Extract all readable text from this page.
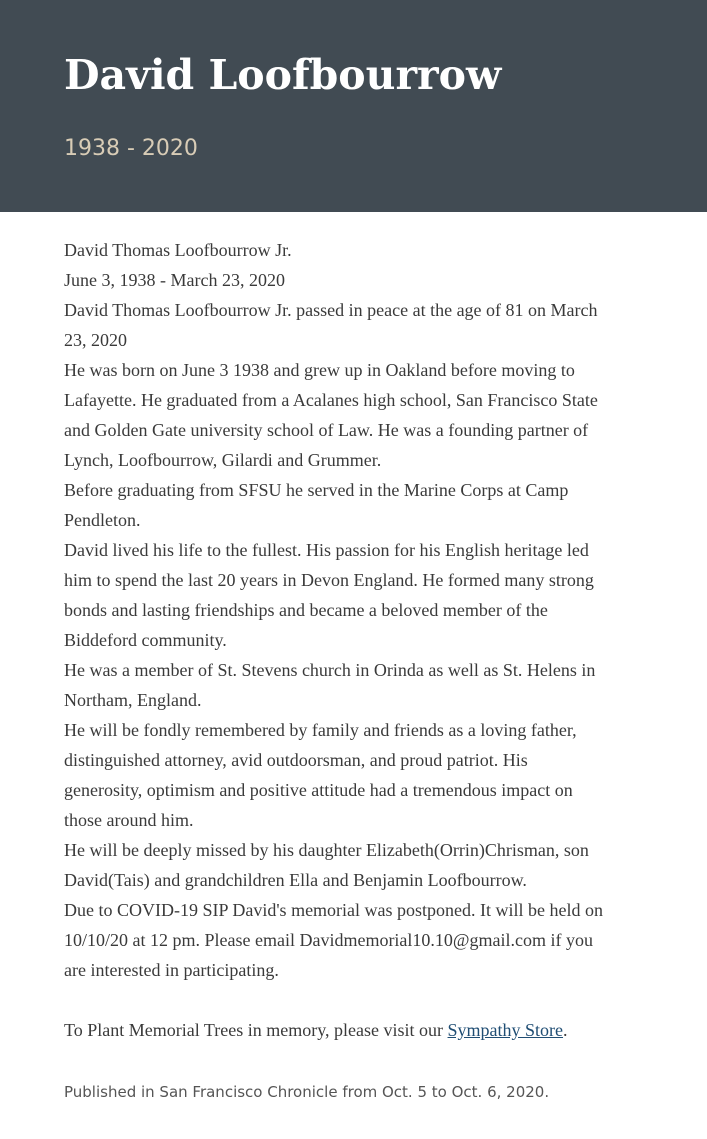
David Loofbourrow
1938 - 2020
David Thomas Loofbourrow Jr.
June 3, 1938 - March 23, 2020
David Thomas Loofbourrow Jr. passed in peace at the age of 81 on March
23, 2020
He was born on June 3 1938 and grew up in Oakland before moving to
Lafayette. He graduated from a Acalanes high school, San Francisco State
and Golden Gate university school of Law. He was a founding partner of
Lynch, Loofbourrow, Gilardi and Grummer.
Before graduating from SFSU he served in the Marine Corps at Camp
Pendleton.
David lived his life to the fullest. His passion for his English heritage led
him to spend the last 20 years in Devon England. He formed many strong
bonds and lasting friendships and became a beloved member of the
Biddeford community.
He was a member of St. Stevens church in Orinda as well as St. Helens in
Northam, England.
He will be fondly remembered by family and friends as a loving father,
distinguished attorney, avid outdoorsman, and proud patriot. His
generosity, optimism and positive attitude had a tremendous impact on
those around him.
He will be deeply missed by his daughter Elizabeth(Orrin)Chrisman, son
David(Tais) and grandchildren Ella and Benjamin Loofbourrow.
Due to COVID-19 SIP David's memorial was postponed. It will be held on
10/10/20 at 12 pm. Please email Davidmemorial10.10@gmail.com if you
are interested in participating.
To Plant Memorial Trees in memory, please visit our Sympathy Store.
Published in San Francisco Chronicle from Oct. 5 to Oct. 6, 2020.
